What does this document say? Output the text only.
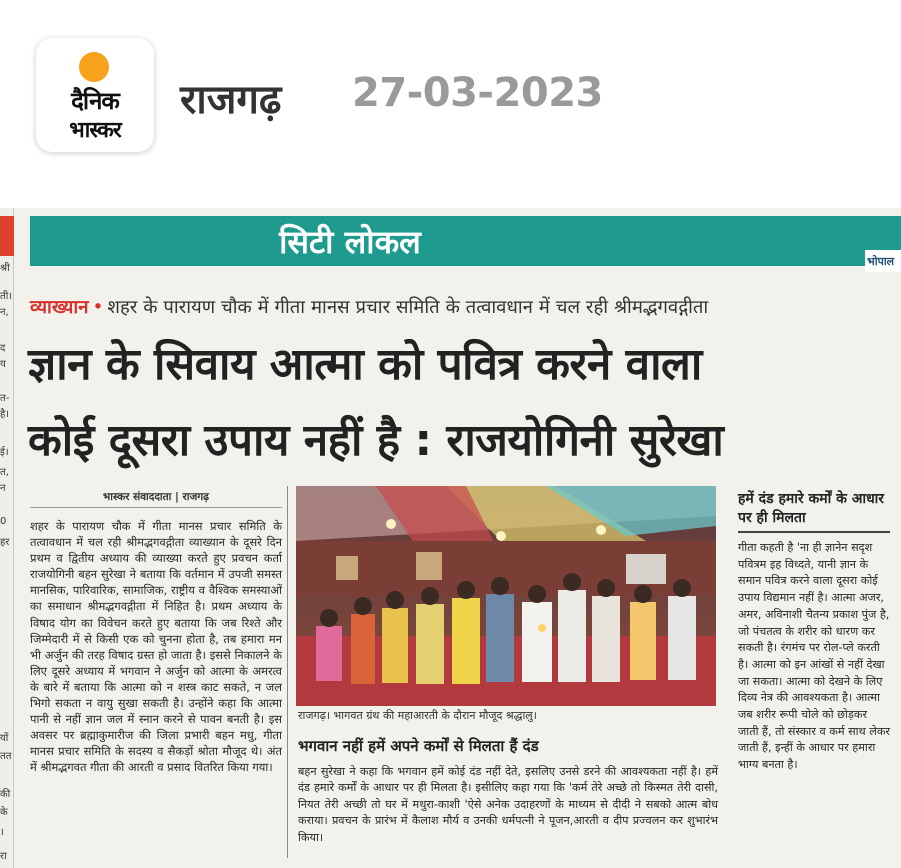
दैनिक
भास्कर
राजगढ़ 27-03-2023
श्री
ती।
न,
द
य
त-
है।
ई।
त,
न
0
हर
यों
तत
की
के
।
रा
सिटी लोकल
भोपाल
व्याख्यान • शहर के पारायण चौक में गीता मानस प्रचार समिति के तत्वावधान में चल रही श्रीमद्भगवद्गीता
ज्ञान के सिवाय आत्मा को पवित्र करने वाला
कोई दूसरा उपाय नहीं है : राजयोगिनी सुरेखा
भास्कर संवाददाता | राजगढ़
शहर के पारायण चौक में गीता मानस प्रचार समिति के तत्वावधान में चल रही श्रीमद्भगवद्गीता व्याख्यान के दूसरे दिन प्रथम व द्वितीय अध्याय की व्याख्या करते हुए प्रवचन कर्ता राजयोगिनी बहन सुरेखा ने बताया कि वर्तमान में उपजी समस्त मानसिक, पारिवारिक, सामाजिक, राष्ट्रीय व वैश्विक समस्याओं का समाधान श्रीमद्भगवद्गीता में निहित है। प्रथम अध्याय के विषाद योग का विवेचन करते हुए बताया कि जब रिश्ते और जिम्मेदारी में से किसी एक को चुनना होता है, तब हमारा मन भी अर्जुन की तरह विषाद ग्रस्त हो जाता है। इससे निकालने के लिए दूसरे अध्याय में भगवान ने अर्जुन को आत्मा के अमरत्व के बारे में बताया कि आत्मा को न शस्त्र काट सकते, न जल भिगो सकता न वायु सुखा सकती है। उन्होंने कहा कि आत्मा पानी से नहीं ज्ञान जल में स्नान करने से पावन बनती है। इस अवसर पर ब्रह्माकुमारीज की जिला प्रभारी बहन मधु, गीता मानस प्रचार समिति के सदस्य व सैकड़ों श्रोता मौजूद थे। अंत में श्रीमद्भगवत गीता की आरती व प्रसाद वितरित किया गया।
राजगढ़। भागवत ग्रंथ की महाआरती के दौरान मौजूद श्रद्धालु।
भगवान नहीं हमें अपने कर्मों से मिलता हैं दंड
बहन सुरेखा ने कहा कि भगवान हमें कोई दंड नहीं देते, इसलिए उनसे डरने की आवश्यकता नहीं है। हमें दंड हमारे कर्मों के आधार पर ही मिलता है। इसीलिए कहा गया कि 'कर्म तेरे अच्छे तो किस्मत तेरी दासी, नियत तेरी अच्छी तो घर में मथुरा-काशी 'ऐसे अनेक उदाहरणों के माध्यम से दीदी ने सबको आत्म बोध कराया। प्रवचन के प्रारंभ में कैलाश मौर्य व उनकी धर्मपत्नी ने पूजन,आरती व दीप प्रज्वलन कर शुभारंभ किया।
हमें दंड हमारे कर्मों के आधार पर ही मिलता
गीता कहती है 'ना ही ज्ञानेन सदृश पवित्रम इह विध्दते, यानी ज्ञान के समान पवित्र करने वाला दूसरा कोई उपाय विद्यमान नहीं है। आत्मा अजर, अमर, अविनाशी चैतन्य प्रकाश पुंज है, जो पंचतत्व के शरीर को धारण कर सकती है। रंगमंच पर रोल-प्ले करती है। आत्मा को इन आंखों से नहीं देखा जा सकता। आत्मा को देखने के लिए दिव्य नेत्र की आवश्यकता है। आत्मा जब शरीर रूपी चोले को छोड़कर जाती हैं, तो संस्कार व कर्म साथ लेकर जाती हैं, इन्हीं के आधार पर हमारा भाग्य बनता है।
